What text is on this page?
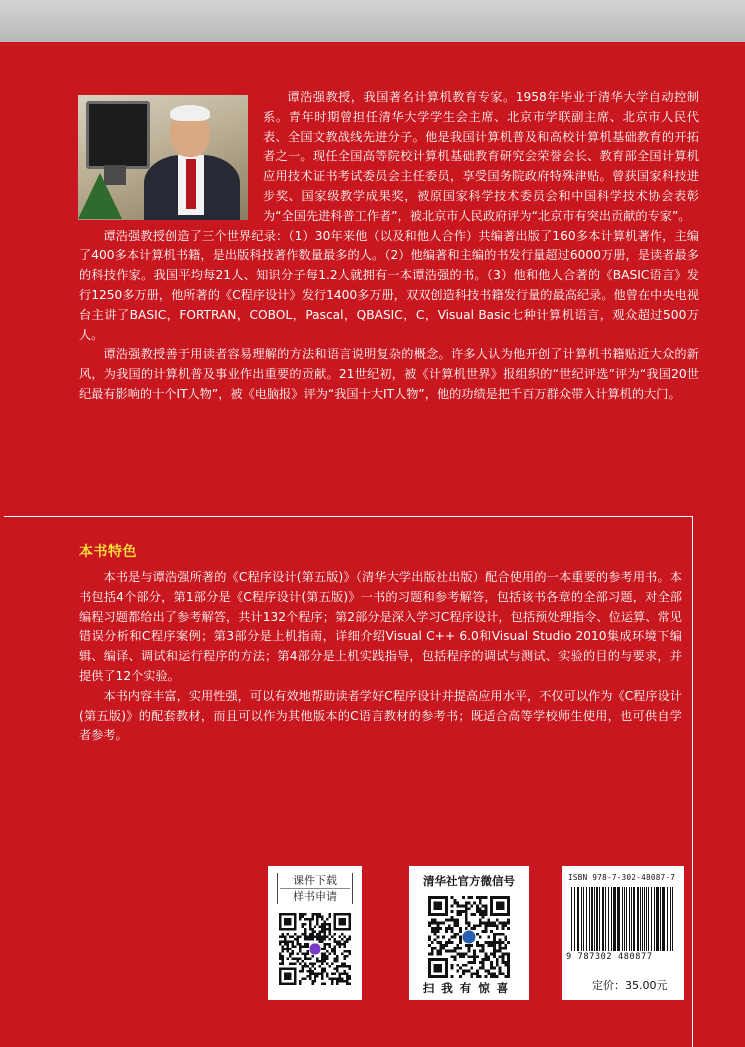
谭浩强教授，我国著名计算机教育专家。1958年毕业于清华大学自动控制系。青年时期曾担任清华大学学生会主席、北京市学联副主席、北京市人民代表、全国文教战线先进分子。他是我国计算机普及和高校计算机基础教育的开拓者之一。现任全国高等院校计算机基础教育研究会荣誉会长、教育部全国计算机应用技术证书考试委员会主任委员，享受国务院政府特殊津贴。曾获国家科技进步奖、国家级教学成果奖，被原国家科学技术委员会和中国科学技术协会表彰为“全国先进科普工作者”，被北京市人民政府评为“北京市有突出贡献的专家”。

谭浩强教授创造了三个世界纪录：（1）30年来他（以及和他人合作）共编著出版了160多本计算机著作，主编了400多本计算机书籍，是出版科技著作数量最多的人。（2）他编著和主编的书发行量超过6000万册，是读者最多的科技作家。我国平均每21人、知识分子每1.2人就拥有一本谭浩强的书。（3）他和他人合著的《BASIC语言》发行1250多万册，他所著的《C程序设计》发行1400多万册，双双创造科技书籍发行量的最高纪录。他曾在中央电视台主讲了BASIC，FORTRAN，COBOL，Pascal，QBASIC，C，Visual Basic七种计算机语言，观众超过500万人。

谭浩强教授善于用读者容易理解的方法和语言说明复杂的概念。许多人认为他开创了计算机书籍贴近大众的新风，为我国的计算机普及事业作出重要的贡献。21世纪初，被《计算机世界》报组织的“世纪评选”评为“我国20世纪最有影响的十个IT人物”，被《电脑报》评为“我国十大IT人物”，他的功绩是把千百万群众带入计算机的大门。

本书特色

本书是与谭浩强所著的《C程序设计(第五版)》（清华大学出版社出版）配合使用的一本重要的参考用书。本书包括4个部分，第1部分是《C程序设计(第五版)》一书的习题和参考解答，包括该书各章的全部习题，对全部编程习题都给出了参考解答，共计132个程序；第2部分是深入学习C程序设计，包括预处理指令、位运算、常见错误分析和C程序案例；第3部分是上机指南，详细介绍Visual C++ 6.0和Visual Studio 2010集成环境下编辑、编译、调试和运行程序的方法；第4部分是上机实践指导，包括程序的调试与测试、实验的目的与要求，并提供了12个实验。

本书内容丰富，实用性强，可以有效地帮助读者学好C程序设计并提高应用水平，不仅可以作为《C程序设计(第五版)》的配套教材，而且可以作为其他版本的C语言教材的参考书；既适合高等学校师生使用，也可供自学者参考。

课件下载
样书申请
清华社官方微信号
扫我有惊喜
ISBN 978-7-302-48087-7
9 787302 480877
定价：35.00元
